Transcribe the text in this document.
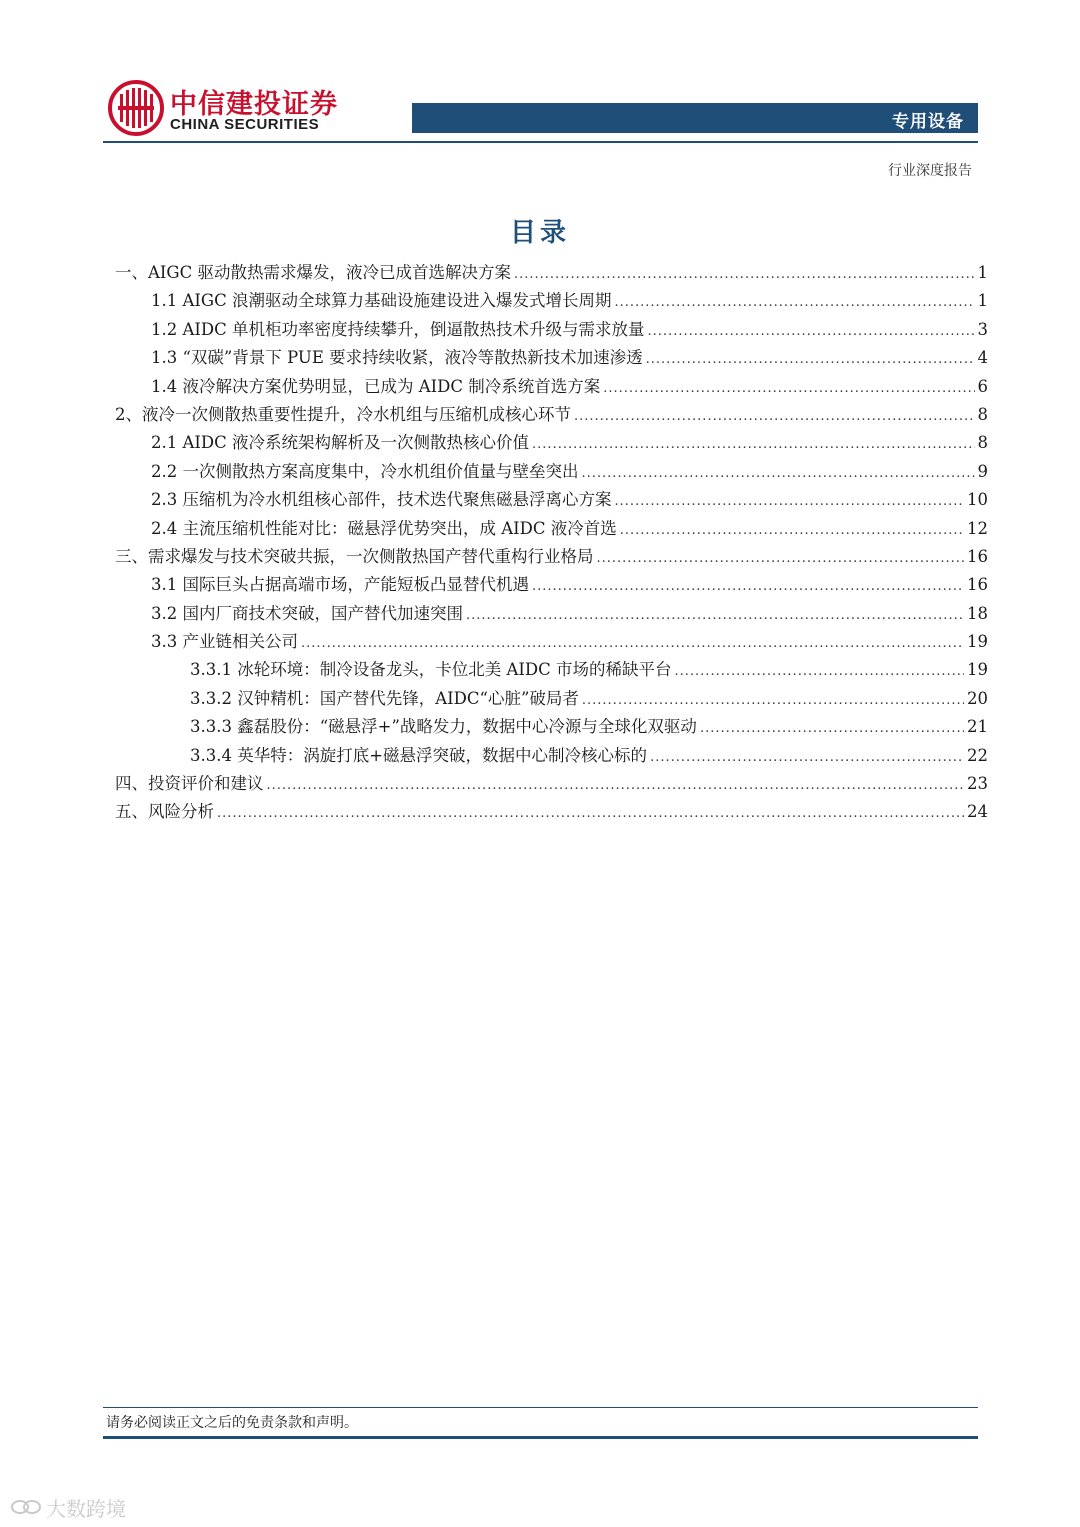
中信建投证券
CHINA SECURITIES	专用设备
行业深度报告
目录
一、AIGC 驱动散热需求爆发，液冷已成首选解决方案 .....	1
1.1 AIGC 浪潮驱动全球算力基础设施建设进入爆发式增长周期 .....	1
1.2 AIDC 单机柜功率密度持续攀升，倒逼散热技术升级与需求放量 .....	3
1.3 “双碳”背景下 PUE 要求持续收紧，液冷等散热新技术加速渗透 .....	4
1.4 液冷解决方案优势明显，已成为 AIDC 制冷系统首选方案 .....	6
2、液冷一次侧散热重要性提升，冷水机组与压缩机成核心环节 .....	8
2.1 AIDC 液冷系统架构解析及一次侧散热核心价值 .....	8
2.2 一次侧散热方案高度集中，冷水机组价值量与壁垒突出 .....	9
2.3 压缩机为冷水机组核心部件，技术迭代聚焦磁悬浮离心方案 .....	10
2.4 主流压缩机性能对比：磁悬浮优势突出，成 AIDC 液冷首选 .....	12
三、需求爆发与技术突破共振，一次侧散热国产替代重构行业格局 .....	16
3.1 国际巨头占据高端市场，产能短板凸显替代机遇 .....	16
3.2 国内厂商技术突破，国产替代加速突围 .....	18
3.3 产业链相关公司 .....	19
3.3.1 冰轮环境：制冷设备龙头，卡位北美 AIDC 市场的稀缺平台 .....	19
3.3.2 汉钟精机：国产替代先锋，AIDC“心脏”破局者 .....	20
3.3.3 鑫磊股份：“磁悬浮+”战略发力，数据中心冷源与全球化双驱动 .....	21
3.3.4 英华特：涡旋打底+磁悬浮突破，数据中心制冷核心标的 .....	22
四、投资评价和建议 .....	23
五、风险分析 .....	24
请务必阅读正文之后的免责条款和声明。
大数跨境
